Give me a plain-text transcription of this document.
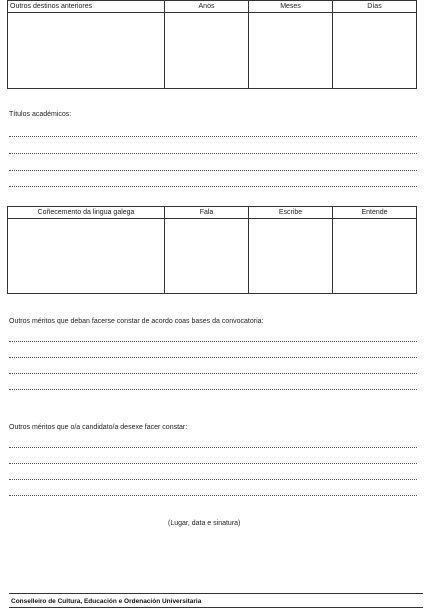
Outros destinos anteriores	Anos	Meses	Días

Títulos académicos:
Coñecemento da lingua galega	Fala	Escribe	Entende

Outros méritos que deban facerse constar de acordo coas bases da convocatoria:
Outros méritos que o/a candidato/a desexe facer constar:
(Lugar, data e sinatura)
Conselleiro de Cultura, Educación e Ordenación Universitaria
